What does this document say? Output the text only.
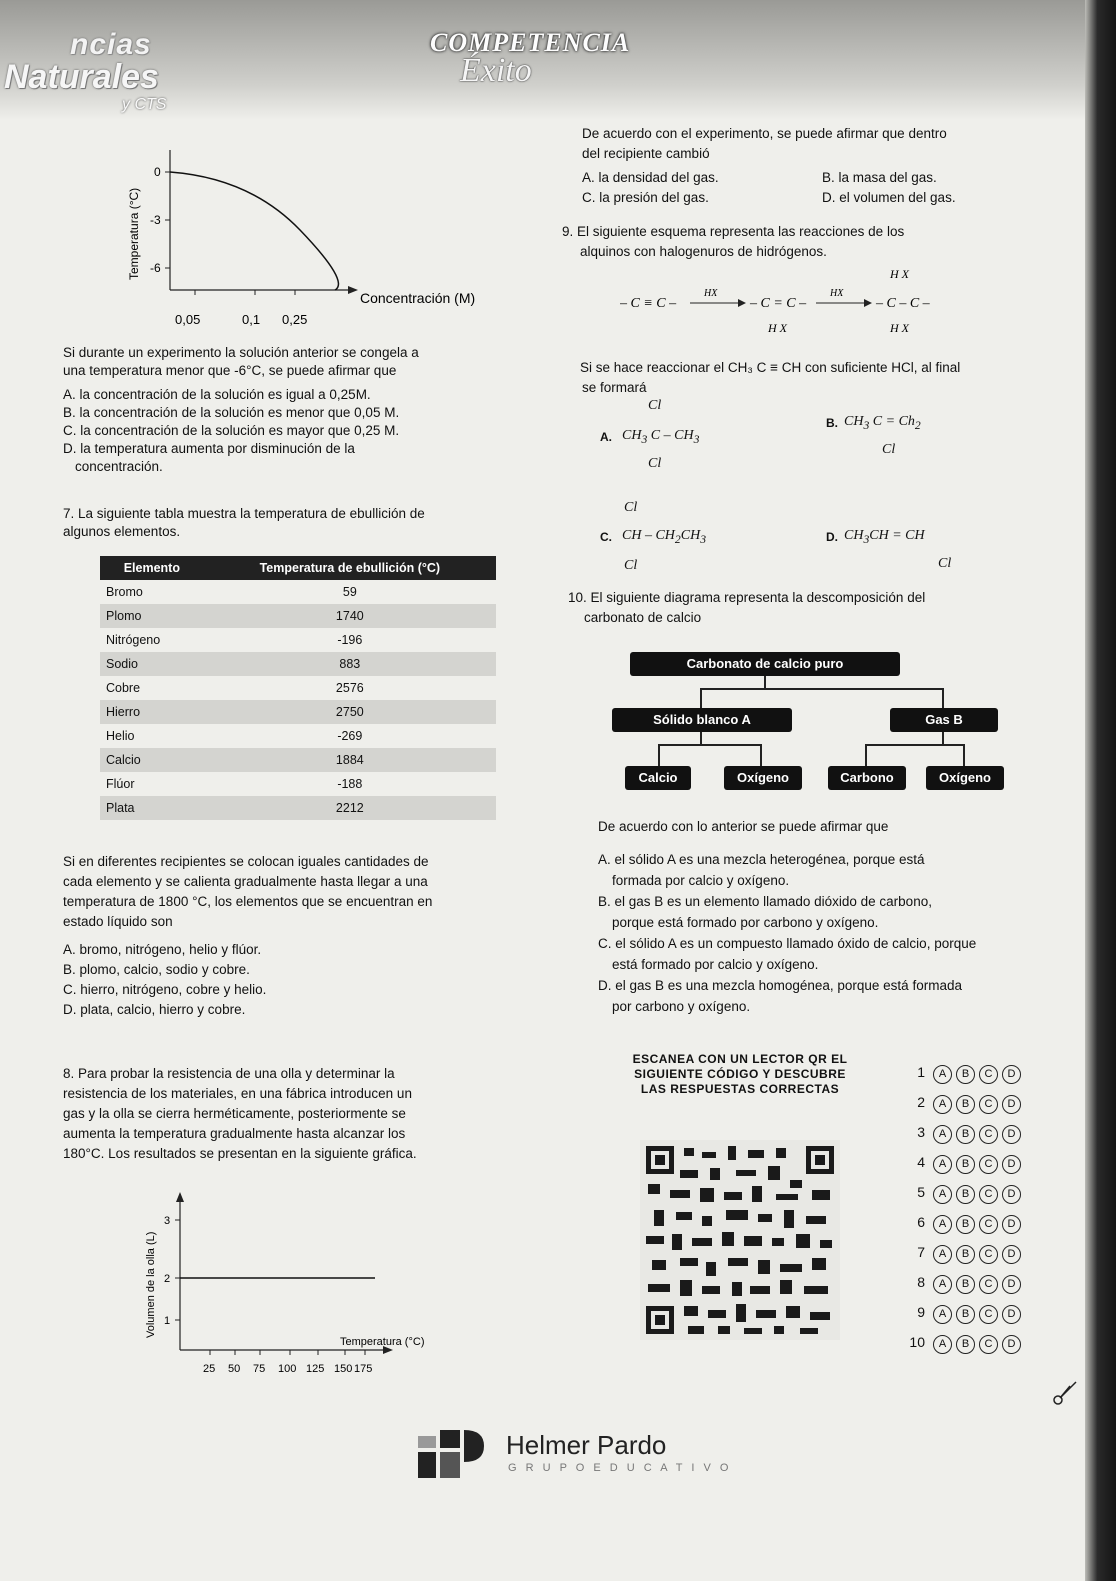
ncias
Naturales
y CTS
COMPETENCIA
Éxito
0
-3
-6
0,05	0,1 0,25
Concentración (M)
Temperatura (°C)
Si durante un experimento la solución anterior se congela a
una temperatura menor que -6°C, se puede afirmar que
A. la concentración de la solución es igual a 0,25M.
B. la concentración de la solución es menor que 0,05 M.
C. la concentración de la solución es mayor que 0,25 M.
D. la temperatura aumenta por disminución de la
concentración.
7. La siguiente tabla muestra la temperatura de ebullición de
algunos elementos.
Elemento	Temperatura de ebullición (°C)
Bromo	59
Plomo	1740
Nitrógeno	-196
Sodio	883
Cobre	2576
Hierro	2750
Helio	-269
Calcio	1884
Flúor	-188
Plata	2212
Si en diferentes recipientes se colocan iguales cantidades de
cada elemento y se calienta gradualmente hasta llegar a una
temperatura de 1800 °C, los elementos que se encuentran en
estado líquido son
A. bromo, nitrógeno, helio y flúor.
B. plomo, calcio, sodio y cobre.
C. hierro, nitrógeno, cobre y helio.
D. plata, calcio, hierro y cobre.
8. Para probar la resistencia de una olla y determinar la
resistencia de los materiales, en una fábrica introducen un
gas y la olla se cierra herméticamente, posteriormente se
aumenta la temperatura gradualmente hasta alcanzar los
180°C. Los resultados se presentan en la siguiente gráfica.
3
2
1
25 50 75 100 125 150 175
Temperatura (°C)
Volumen de la olla (L)
De acuerdo con el experimento, se puede afirmar que dentro
del recipiente cambió
A. la densidad del gas.	B. la masa del gas.
C. la presión del gas.	D. el volumen del gas.
9. El siguiente esquema representa las reacciones de los
alquinos con halogenuros de hidrógenos.
– C ≡ C –
HX
– C = C –
H X
HX
H X
– C – C –
H X
Si se hace reaccionar el CH₃ C ≡ CH con suficiente HCl, al final
se formará
A. $CH_3$ C – $CH_3$
Cl
Cl
B. $CH_3$ $C = Ch_2$
Cl
C. CH – $CH_2CH_3$
Cl
Cl
D. $CH_3CH$ = CH
Cl
10. El siguiente diagrama representa la descomposición del
carbonato de calcio
Carbonato de calcio puro
Sólido blanco A	Gas B
Calcio	Oxígeno	Carbono	Oxígeno
De acuerdo con lo anterior se puede afirmar que
A. el sólido A es una mezcla heterogénea, porque está
formada por calcio y oxígeno.
B. el gas B es un elemento llamado dióxido de carbono,
porque está formado por carbono y oxígeno.
C. el sólido A es un compuesto llamado óxido de calcio, porque
está formado por calcio y oxígeno.
D. el gas B es una mezcla homogénea, porque está formada
por carbono y oxígeno.
ESCANEA CON UN LECTOR QR EL
SIGUIENTE CÓDIGO Y DESCUBRE
LAS RESPUESTAS CORRECTAS
1 A B C D
2 A B C D
3 A B C D
4 A B C D
5 A B C D
6 A B C D
7 A B C D
8 A B C D
9 A B C D
10 A B C D
Helmer Pardo
G R U P O E D U C A T I V O
